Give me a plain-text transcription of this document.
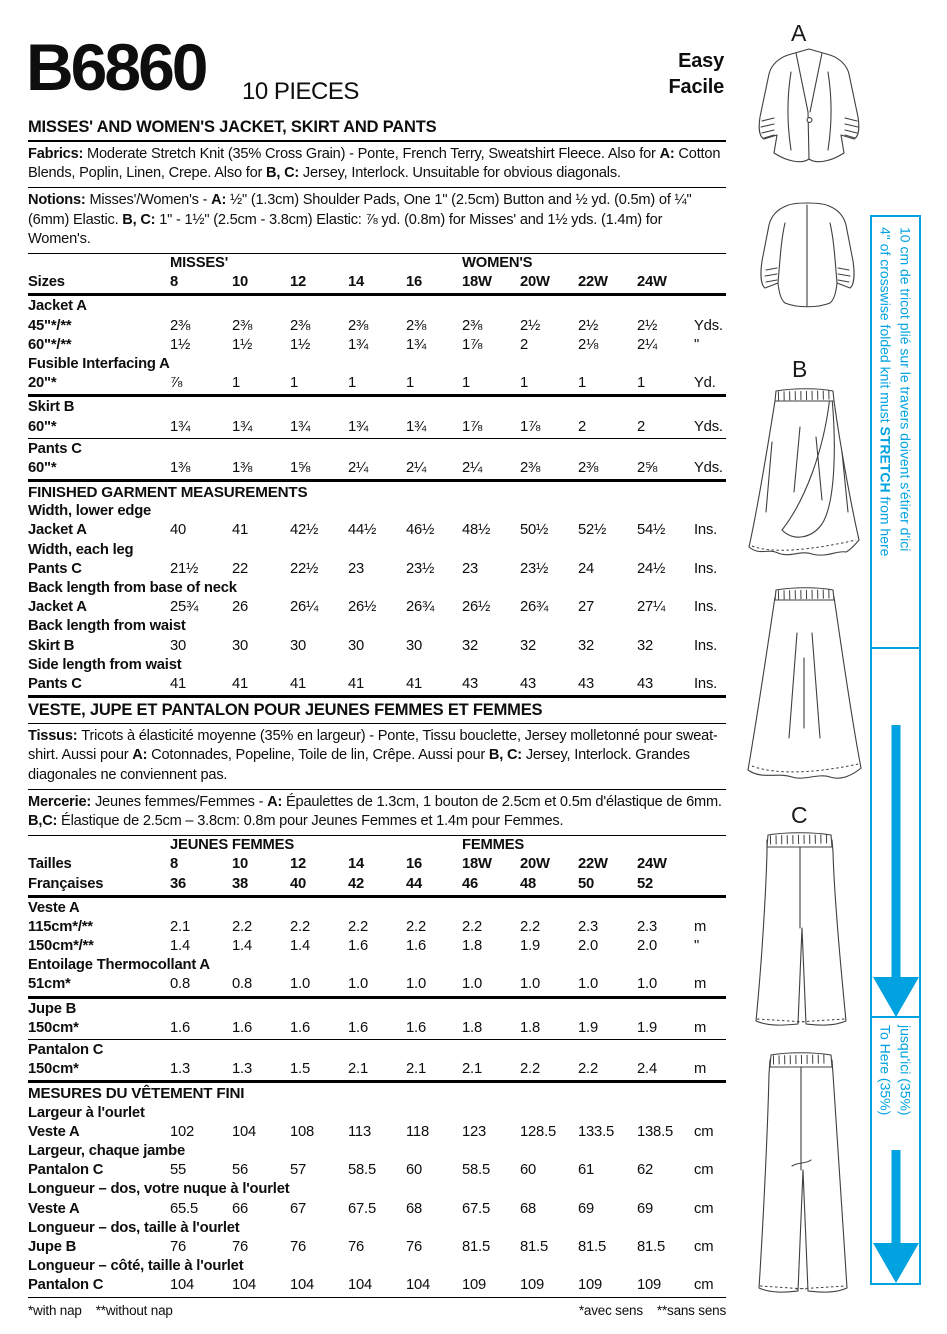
B6860 10 PIECES
Easy
Facile
MISSES' AND WOMEN'S JACKET, SKIRT AND PANTS
Fabrics: Moderate Stretch Knit (35% Cross Grain) - Ponte, French Terry, Sweatshirt Fleece. Also for A: Cotton Blends, Poplin, Linen, Crepe. Also for B, C: Jersey, Interlock. Unsuitable for obvious diagonals.
Notions: Misses'/Women's - A: ½" (1.3cm) Shoulder Pads, One 1" (2.5cm) Button and ½ yd. (0.5m) of ¼" (6mm) Elastic. B, C: 1" - 1½" (2.5cm - 3.8cm) Elastic: ⅞ yd. (0.8m) for Misses' and 1½ yds. (1.4m) for Women's.
MISSES'	WOMEN'S
Sizes	8	10	12	14	16	18W	20W	22W	24W
Jacket A
45"*/**	2⅜	2⅜	2⅜	2⅜	2⅜	2⅜	2½	2½	2½	Yds.
60"*/**	1½	1½	1½	1¾	1¾	1⅞	2	2⅛	2¼	"
Fusible Interfacing A
20"*	⅞	1	1	1	1	1	1	1	1	Yd.
Skirt B
60"*	1¾	1¾	1¾	1¾	1¾	1⅞	1⅞	2	2	Yds.
Pants C
60"*	1⅜	1⅜	1⅝	2¼	2¼	2¼	2⅜	2⅜	2⅝	Yds.
FINISHED GARMENT MEASUREMENTS
Width, lower edge
Jacket A	40	41	42½	44½	46½	48½	50½	52½	54½	Ins.
Width, each leg
Pants C	21½	22	22½	23	23½	23	23½	24	24½	Ins.
Back length from base of neck
Jacket A	25¾	26	26¼	26½	26¾	26½	26¾	27	27¼	Ins.
Back length from waist
Skirt B	30	30	30	30	30	32	32	32	32	Ins.
Side length from waist
Pants C	41	41	41	41	41	43	43	43	43	Ins.
VESTE, JUPE ET PANTALON POUR JEUNES FEMMES ET FEMMES
Tissus: Tricots à élasticité moyenne (35% en largeur) - Ponte, Tissu bouclette, Jersey molletonné pour sweat-shirt. Aussi pour A: Cotonnades, Popeline, Toile de lin, Crêpe. Aussi pour B, C: Jersey, Interlock. Grandes diagonales ne conviennent pas.
Mercerie: Jeunes femmes/Femmes - A: Épaulettes de 1.3cm, 1 bouton de 2.5cm et 0.5m d'élastique de 6mm. B,C: Élastique de 2.5cm – 3.8cm: 0.8m pour Jeunes Femmes et 1.4m pour Femmes.
JEUNES FEMMES	FEMMES
Tailles	8	10	12	14	16	18W	20W	22W	24W
Françaises	36	38	40	42	44	46	48	50	52
Veste A
115cm*/**	2.1	2.2	2.2	2.2	2.2	2.2	2.2	2.3	2.3	m
150cm*/**	1.4	1.4	1.4	1.6	1.6	1.8	1.9	2.0	2.0	"
Entoilage Thermocollant A
51cm*	0.8	0.8	1.0	1.0	1.0	1.0	1.0	1.0	1.0	m
Jupe B
150cm*	1.6	1.6	1.6	1.6	1.6	1.8	1.8	1.9	1.9	m
Pantalon C
150cm*	1.3	1.3	1.5	2.1	2.1	2.1	2.2	2.2	2.4	m
MESURES DU VÊTEMENT FINI
Largeur à l'ourlet
Veste A	102	104	108	113	118	123	128.5	133.5	138.5	cm
Largeur, chaque jambe
Pantalon C	55	56	57	58.5	60	58.5	60	61	62	cm
Longueur – dos, votre nuque à l'ourlet
Veste A	65.5	66	67	67.5	68	67.5	68	69	69	cm
Longueur – dos, taille à l'ourlet
Jupe B	76	76	76	76	76	81.5	81.5	81.5	81.5	cm
Longueur – côté, taille à l'ourlet
Pantalon C	104	104	104	104	104	109	109	109	109	cm
*with nap **without nap	*avec sens **sans sens
A
B
C
4" of crosswise folded knit must STRETCH from here 10 cm de tricot plié sur le travers doivent s'étirer d'ici
To Here (35%) jusqu'ici (35%)
